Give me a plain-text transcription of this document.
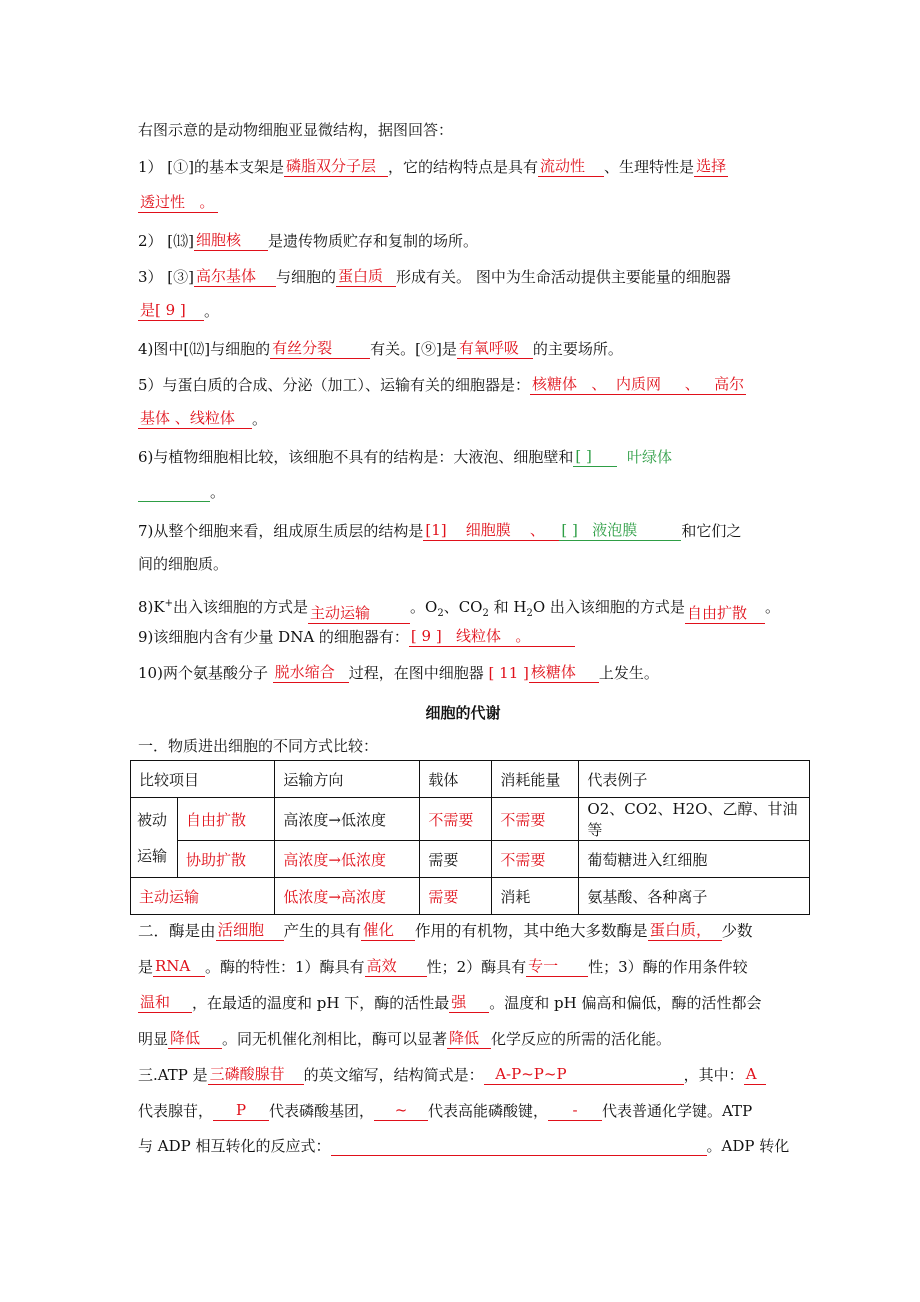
右图示意的是动物细胞亚显微结构，据图回答：
1） [①]的基本支架是 磷脂双分子层 ，它的结构特点是具有 流动性 、生理特性是 选择
透过性 。
2） [⒀] 细胞核 是遗传物质贮存和复制的场所。
3） [③] 高尔基体 与细胞的 蛋白质 形成有关。 图中为生命活动提供主要能量的细胞器
是[ 9 ] 。
4)图中[⑿]与细胞的 有丝分裂	有关。[⑨]是 有氧呼吸 的主要场所。
5）与蛋白质的合成、分泌（加工）、运输有关的细胞器是： 核糖体 、 内质网 、 高尔
基体 、线粒体 。
6)与植物细胞相比较，该细胞不具有的结构是：大液泡、细胞壁和 [ ] 叶绿体
。
7)从整个细胞来看，组成原生质层的结构是 [1] 细胞膜 、 [ ] 液泡膜	和它们之
间的细胞质。
8)K+出入该细胞的方式是 主动运输	。$O_2$、$CO_2$ 和 $H_2O$ 出入该细胞的方式是 自由扩散 。
9)该细胞内含有少量 DNA 的细胞器有： [ 9 ] 线粒体 。
10)两个氨基酸分子 脱水缩合 过程，在图中细胞器 [ 11 ] 核糖体 上发生。
细胞的代谢
一．物质进出细胞的不同方式比较：
比较项目		运输方向	载体	消耗能量	代表例子
被动
运输	自由扩散	高浓度→低浓度	不需要	不需要	O2、CO2、H2O、乙醇、甘油等
	协助扩散	高浓度→低浓度	需要	不需要	葡萄糖进入红细胞
主动运输		低浓度→高浓度	需要	消耗	氨基酸、各种离子
二．酶是由 活细胞 产生的具有 催化 作用的有机物，其中绝大多数酶是 蛋白质， 少数
是 RNA 。酶的特性：1）酶具有 高效 性；2）酶具有 专一 性；3）酶的作用条件较
温和 ，在最适的温度和 pH 下，酶的活性最 强 。温度和 pH 偏高和偏低，酶的活性都会
明显 降低 。同无机催化剂相比，酶可以显著 降低 化学反应的所需的活化能。
三.ATP 是 三磷酸腺苷 的英文缩写，结构简式是： A-P~P~P	，其中： A
代表腺苷， P 代表磷酸基团， ~ 代表高能磷酸键， - 代表普通化学键。ATP
与 ADP 相互转化的反应式：	。ADP 转化
